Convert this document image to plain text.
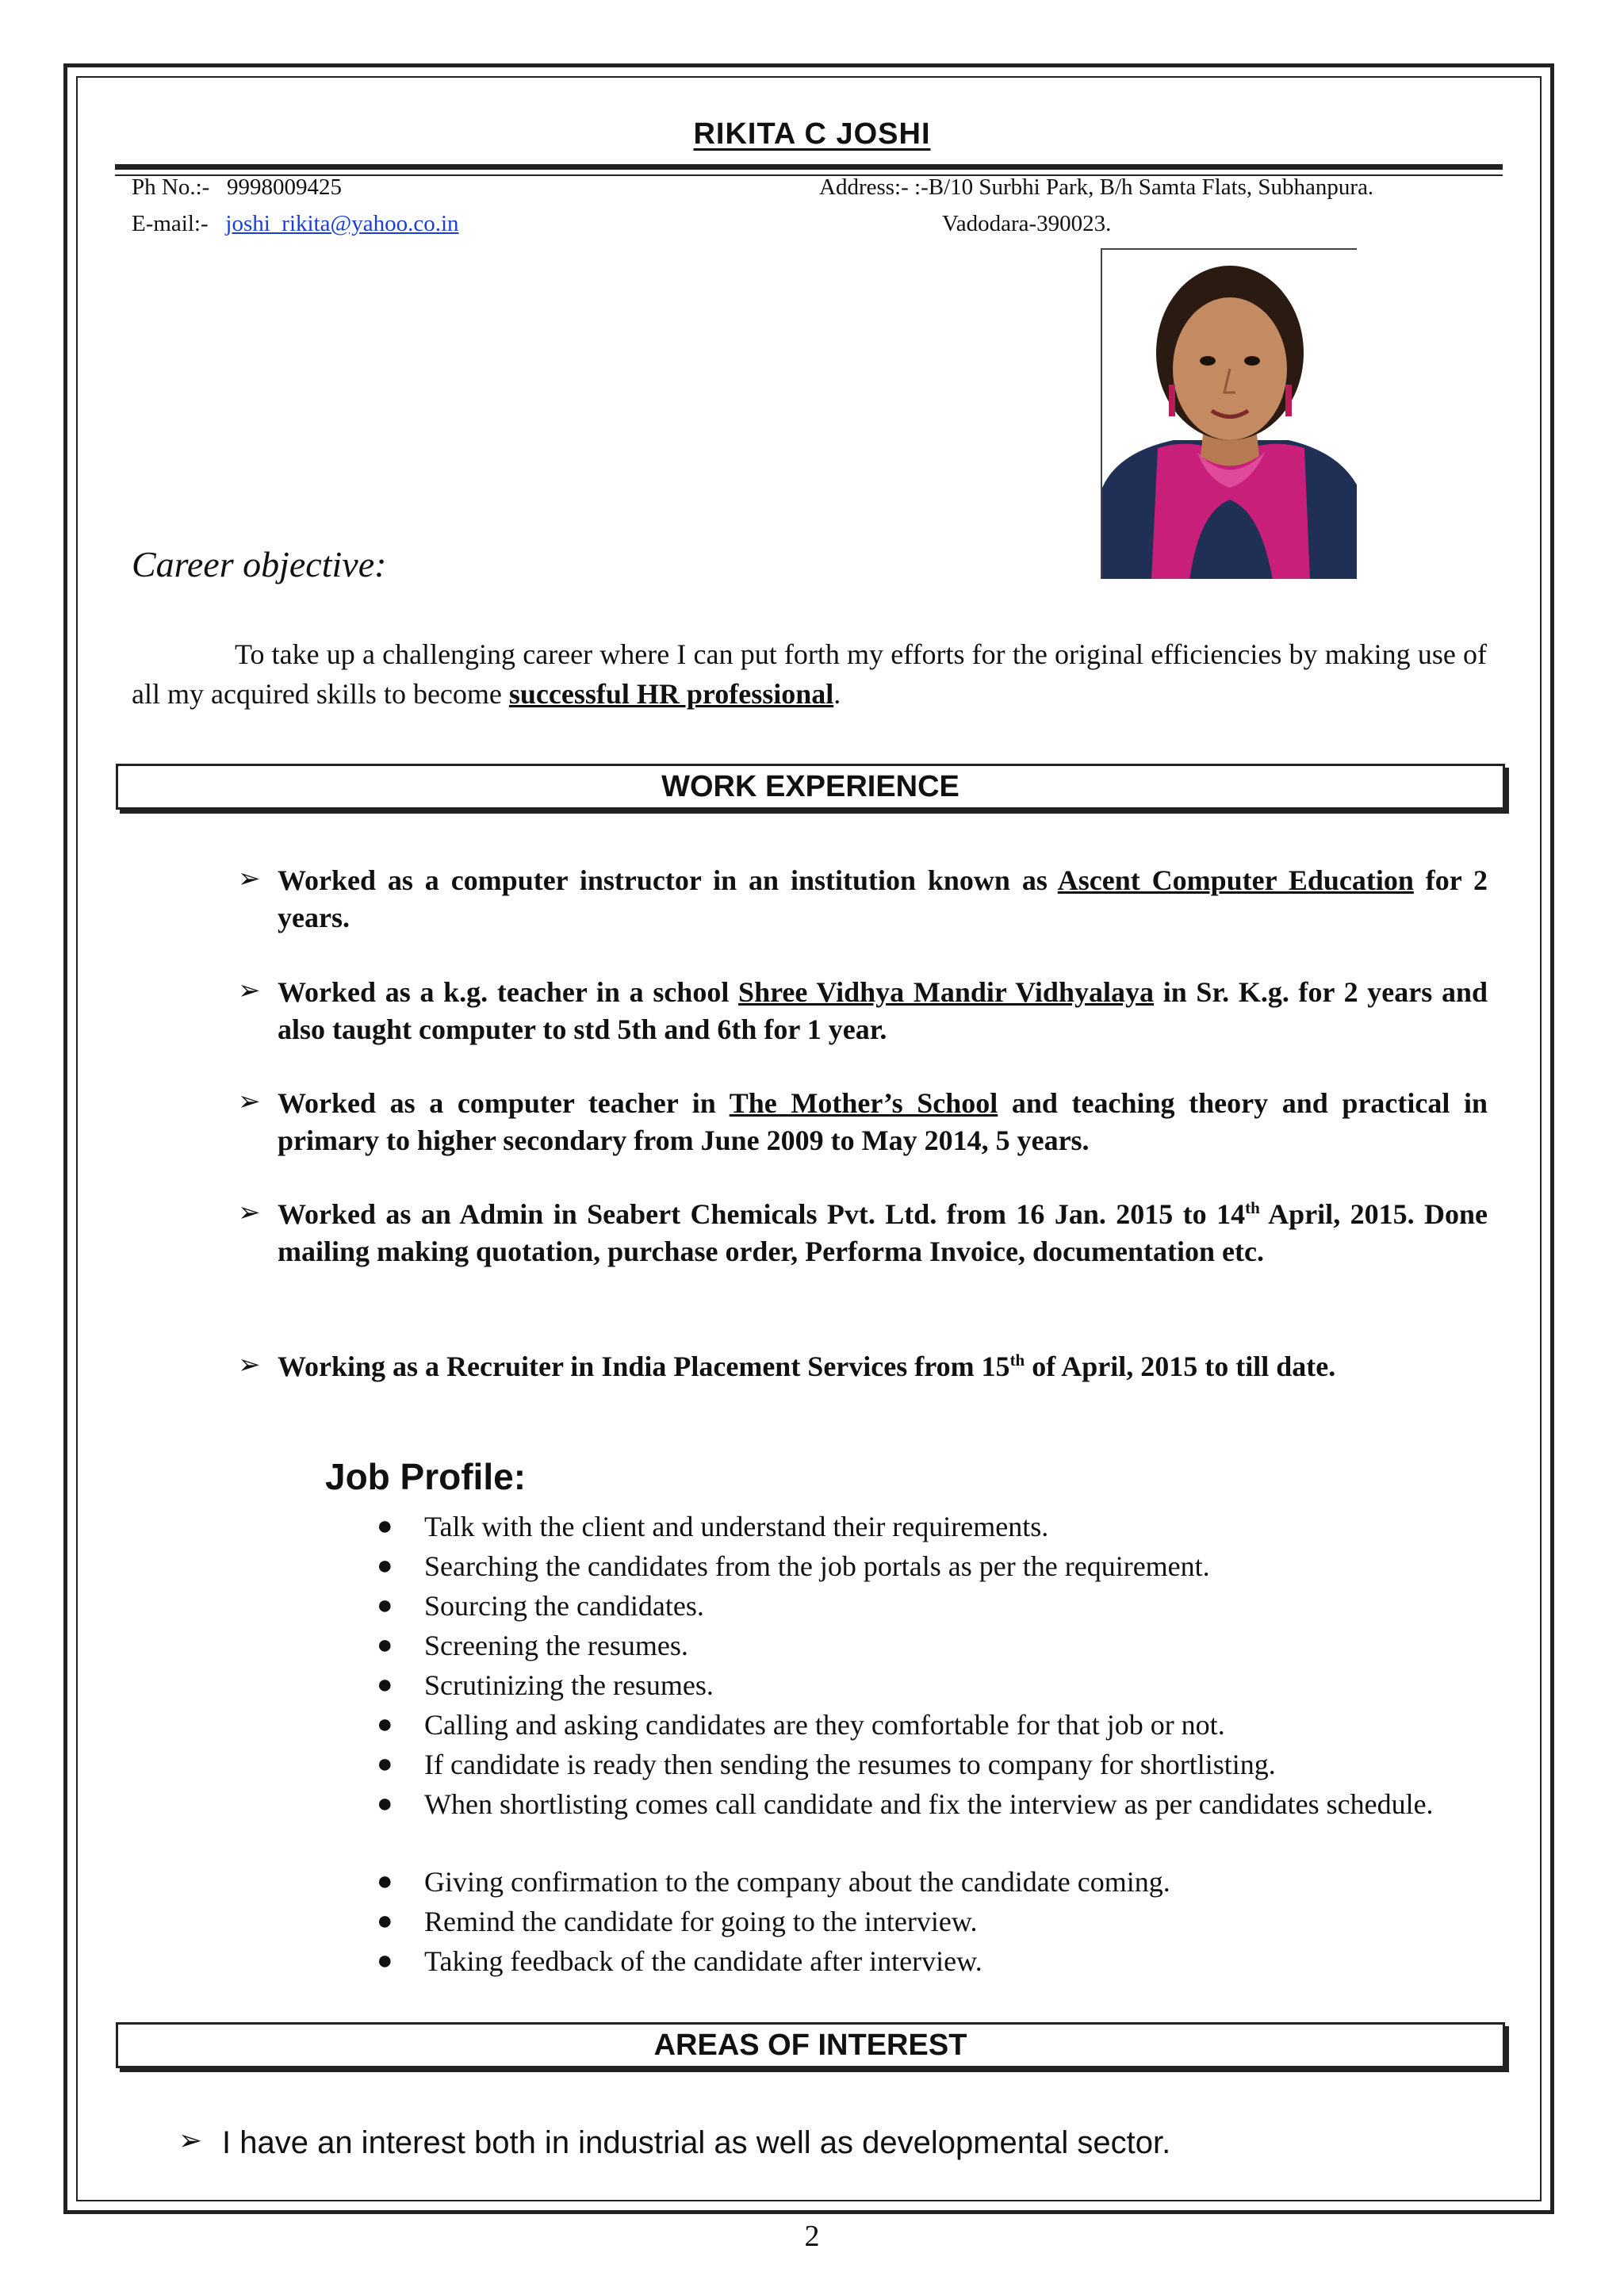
RIKITA C JOSHI
Ph No.:- 9998009425
E-mail:- joshi_rikita@yahoo.co.in
Address:- :-B/10 Surbhi Park, B/h Samta Flats, Subhanpura.
Vadodara-390023.
Career objective:
To take up a challenging career where I can put forth my efforts for the original efficiencies by making use of all my acquired skills to become successful HR professional.
WORK EXPERIENCE
➢ Worked as a computer instructor in an institution known as Ascent Computer Education for 2 years.
➢ Worked as a k.g. teacher in a school Shree Vidhya Mandir Vidhyalaya in Sr. K.g. for 2 years and also taught computer to std 5th and 6th for 1 year.
➢ Worked as a computer teacher in The Mother’s School and teaching theory and practical in primary to higher secondary from June 2009 to May 2014, 5 years.
➢ Worked as an Admin in Seabert Chemicals Pvt. Ltd. from 16 Jan. 2015 to 14th April, 2015. Done mailing making quotation, purchase order, Performa Invoice, documentation etc.
➢ Working as a Recruiter in India Placement Services from 15th of April, 2015 to till date.
Job Profile:
● Talk with the client and understand their requirements.
● Searching the candidates from the job portals as per the requirement.
● Sourcing the candidates.
● Screening the resumes.
● Scrutinizing the resumes.
● Calling and asking candidates are they comfortable for that job or not.
● If candidate is ready then sending the resumes to company for shortlisting.
● When shortlisting comes call candidate and fix the interview as per candidates schedule.
● Giving confirmation to the company about the candidate coming.
● Remind the candidate for going to the interview.
● Taking feedback of the candidate after interview.
AREAS OF INTEREST
➢ I have an interest both in industrial as well as developmental sector.
2
